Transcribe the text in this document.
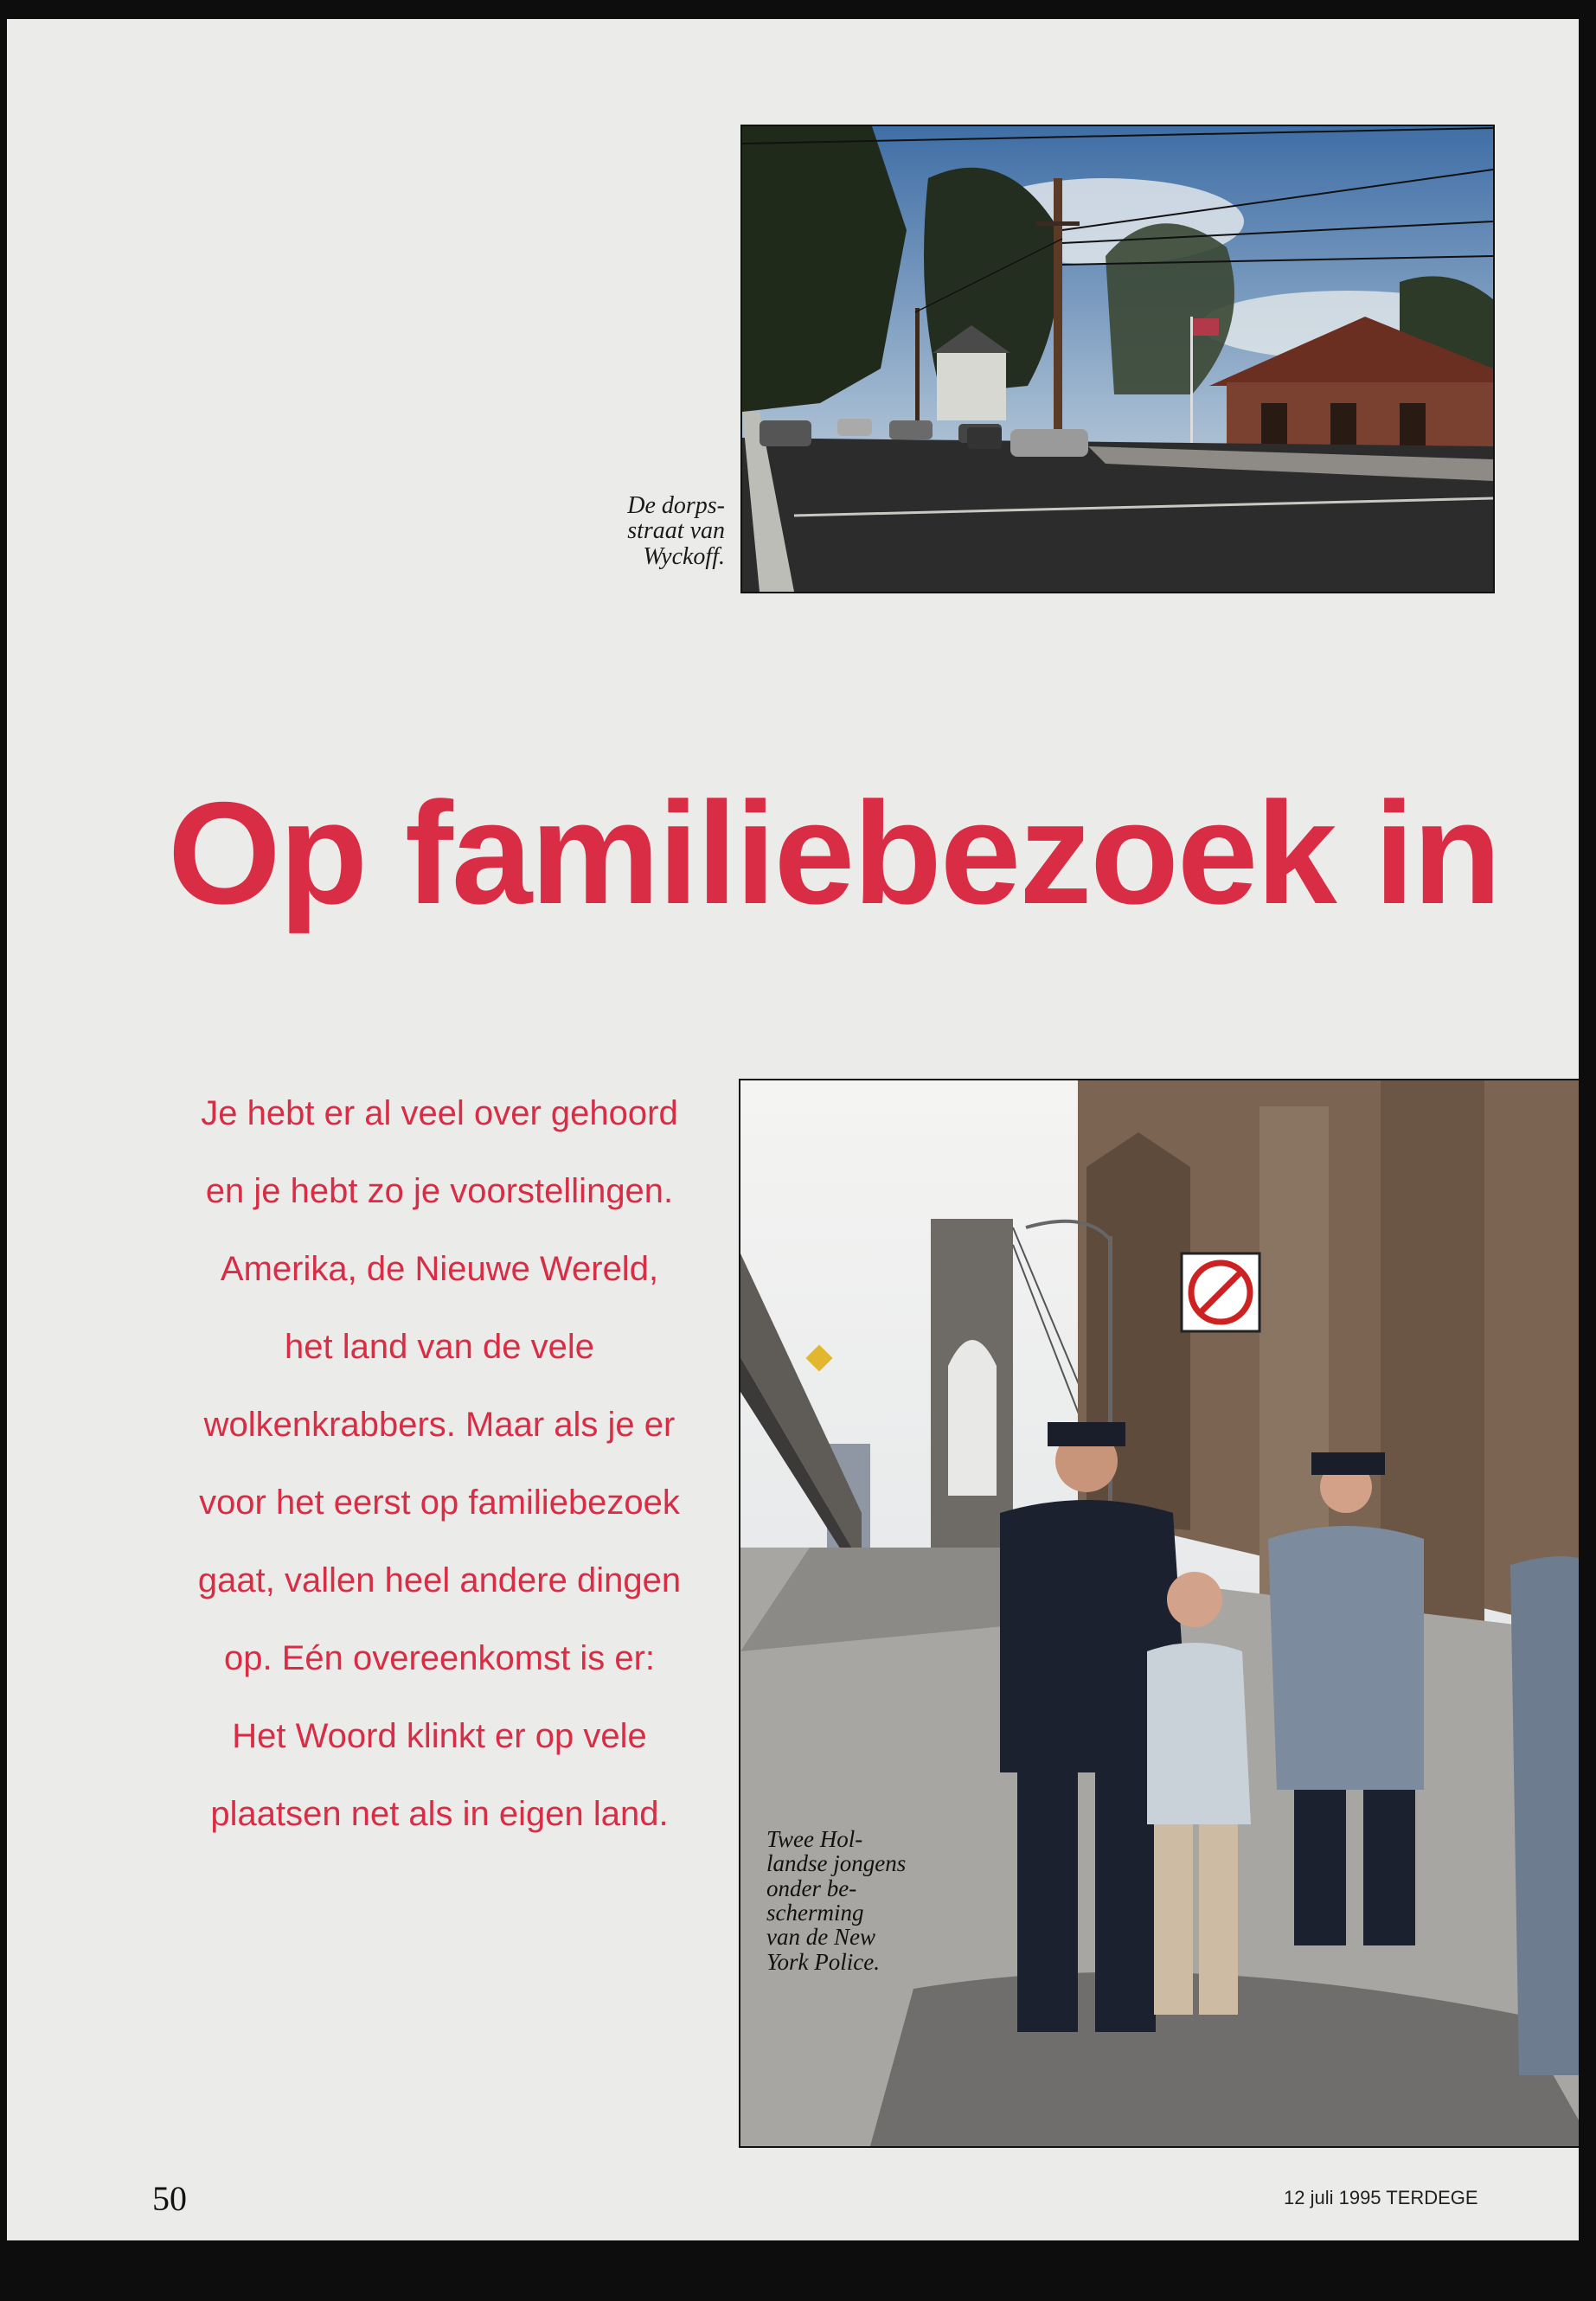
De dorps-
straat van
Wyckoff.
Op familiebezoek in
Je hebt er al veel over gehoord
en je hebt zo je voorstellingen.
Amerika, de Nieuwe Wereld,
het land van de vele
wolkenkrabbers. Maar als je er
voor het eerst op familiebezoek
gaat, vallen heel andere dingen
op. Eén overeenkomst is er:
Het Woord klinkt er op vele
plaatsen net als in eigen land.
Twee Hol-
landse jongens
onder be-
scherming
van de New
York Police.
50	12 juli 1995 TERDEGE
